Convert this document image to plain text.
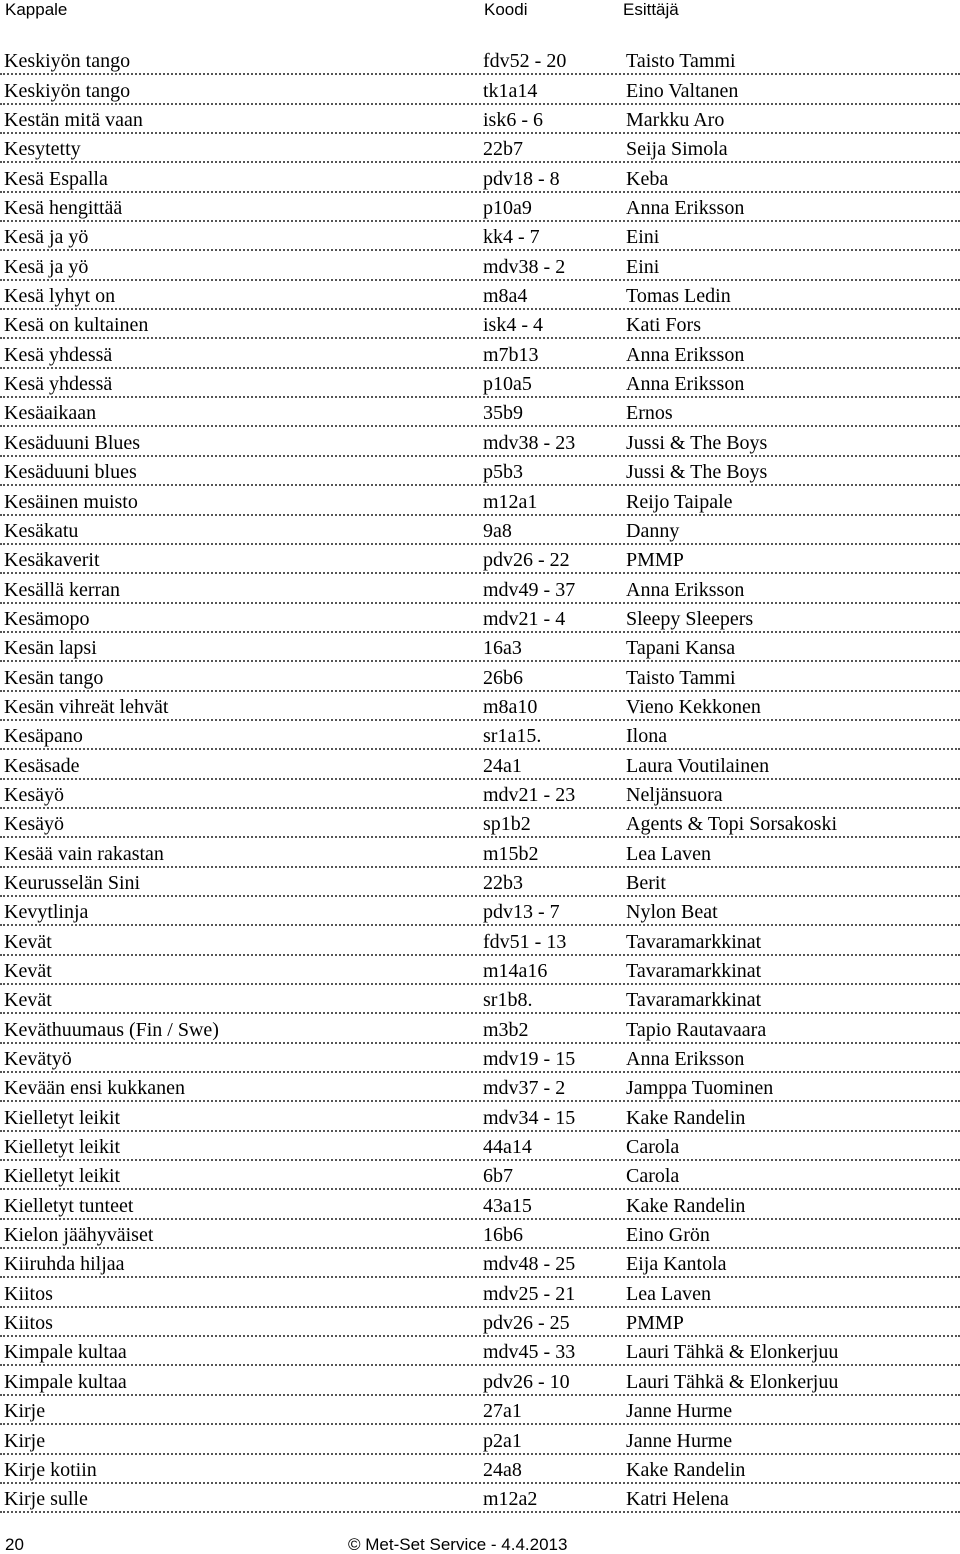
Kappale	Koodi	Esittäjä
Keskiyön tango	fdv52 - 20	Taisto Tammi
Keskiyön tango	tk1a14	Eino Valtanen
Kestän mitä vaan	isk6 - 6	Markku Aro
Kesytetty	22b7	Seija Simola
Kesä Espalla	pdv18 - 8	Keba
Kesä hengittää	p10a9	Anna Eriksson
Kesä ja yö	kk4 - 7	Eini
Kesä ja yö	mdv38 - 2	Eini
Kesä lyhyt on	m8a4	Tomas Ledin
Kesä on kultainen	isk4 - 4	Kati Fors
Kesä yhdessä	m7b13	Anna Eriksson
Kesä yhdessä	p10a5	Anna Eriksson
Kesäaikaan	35b9	Ernos
Kesäduuni Blues	mdv38 - 23	Jussi & The Boys
Kesäduuni blues	p5b3	Jussi & The Boys
Kesäinen muisto	m12a1	Reijo Taipale
Kesäkatu	9a8	Danny
Kesäkaverit	pdv26 - 22	PMMP
Kesällä kerran	mdv49 - 37	Anna Eriksson
Kesämopo	mdv21 - 4	Sleepy Sleepers
Kesän lapsi	16a3	Tapani Kansa
Kesän tango	26b6	Taisto Tammi
Kesän vihreät lehvät	m8a10	Vieno Kekkonen
Kesäpano	sr1a15.	Ilona
Kesäsade	24a1	Laura Voutilainen
Kesäyö	mdv21 - 23	Neljänsuora
Kesäyö	sp1b2	Agents & Topi Sorsakoski
Kesää vain rakastan	m15b2	Lea Laven
Keurusselän Sini	22b3	Berit
Kevytlinja	pdv13 - 7	Nylon Beat
Kevät	fdv51 - 13	Tavaramarkkinat
Kevät	m14a16	Tavaramarkkinat
Kevät	sr1b8.	Tavaramarkkinat
Keväthuumaus (Fin / Swe)	m3b2	Tapio Rautavaara
Kevätyö	mdv19 - 15	Anna Eriksson
Kevään ensi kukkanen	mdv37 - 2	Jamppa Tuominen
Kielletyt leikit	mdv34 - 15	Kake Randelin
Kielletyt leikit	44a14	Carola
Kielletyt leikit	6b7	Carola
Kielletyt tunteet	43a15	Kake Randelin
Kielon jäähyväiset	16b6	Eino Grön
Kiiruhda hiljaa	mdv48 - 25	Eija Kantola
Kiitos	mdv25 - 21	Lea Laven
Kiitos	pdv26 - 25	PMMP
Kimpale kultaa	mdv45 - 33	Lauri Tähkä & Elonkerjuu
Kimpale kultaa	pdv26 - 10	Lauri Tähkä & Elonkerjuu
Kirje	27a1	Janne Hurme
Kirje	p2a1	Janne Hurme
Kirje kotiin	24a8	Kake Randelin
Kirje sulle	m12a2	Katri Helena
20	© Met-Set Service - 4.4.2013
